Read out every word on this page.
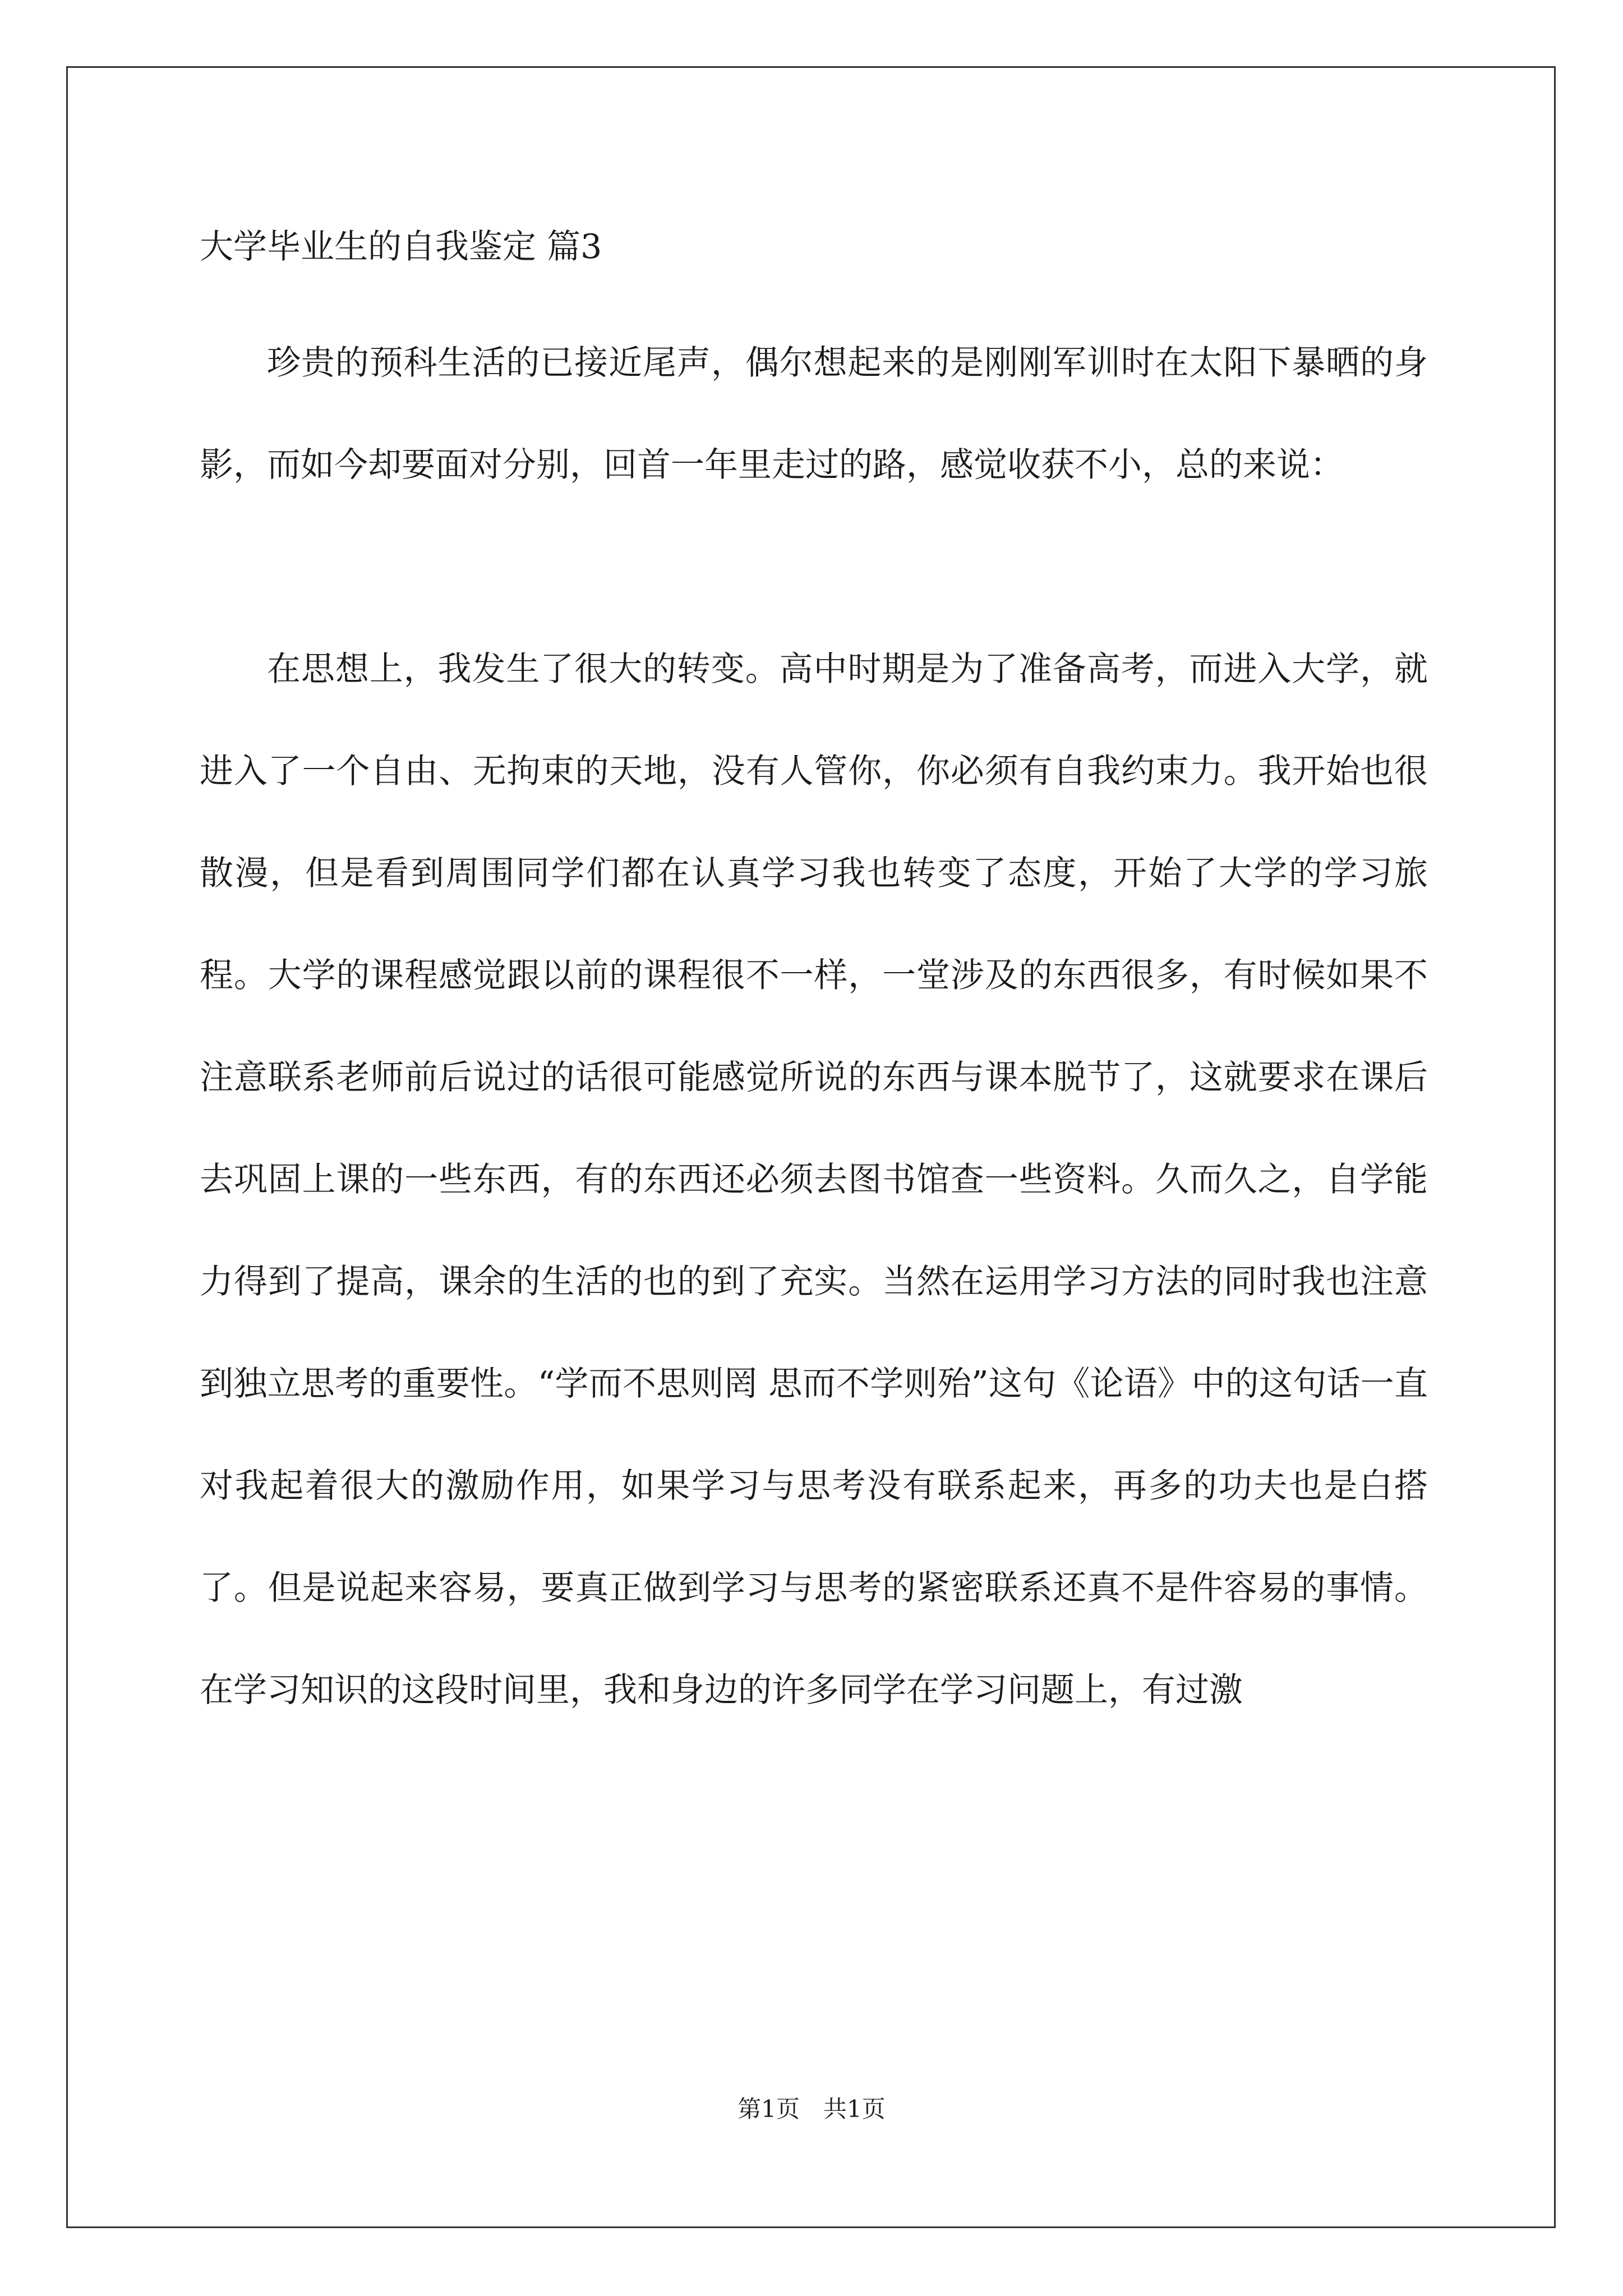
大学毕业生的自我鉴定 篇3

珍贵的预科生活的已接近尾声，偶尔想起来的是刚刚军训时在太阳下暴晒的身影，而如今却要面对分别，回首一年里走过的路，感觉收获不小，总的来说：

在思想上，我发生了很大的转变。高中时期是为了准备高考，而进入大学，就进入了一个自由、无拘束的天地，没有人管你，你必须有自我约束力。我开始也很散漫，但是看到周围同学们都在认真学习我也转变了态度，开始了大学的学习旅程。大学的课程感觉跟以前的课程很不一样，一堂涉及的东西很多，有时候如果不注意联系老师前后说过的话很可能感觉所说的东西与课本脱节了，这就要求在课后去巩固上课的一些东西，有的东西还必须去图书馆查一些资料。久而久之，自学能力得到了提高，课余的生活的也的到了充实。当然在运用学习方法的同时我也注意到独立思考的重要性。“学而不思则罔 思而不学则殆”这句《论语》中的这句话一直对我起着很大的激励作用，如果学习与思考没有联系起来，再多的功夫也是白搭了。但是说起来容易，要真正做到学习与思考的紧密联系还真不是件容易的事情。在学习知识的这段时间里，我和身边的许多同学在学习问题上，有过激

第1页　共1页
